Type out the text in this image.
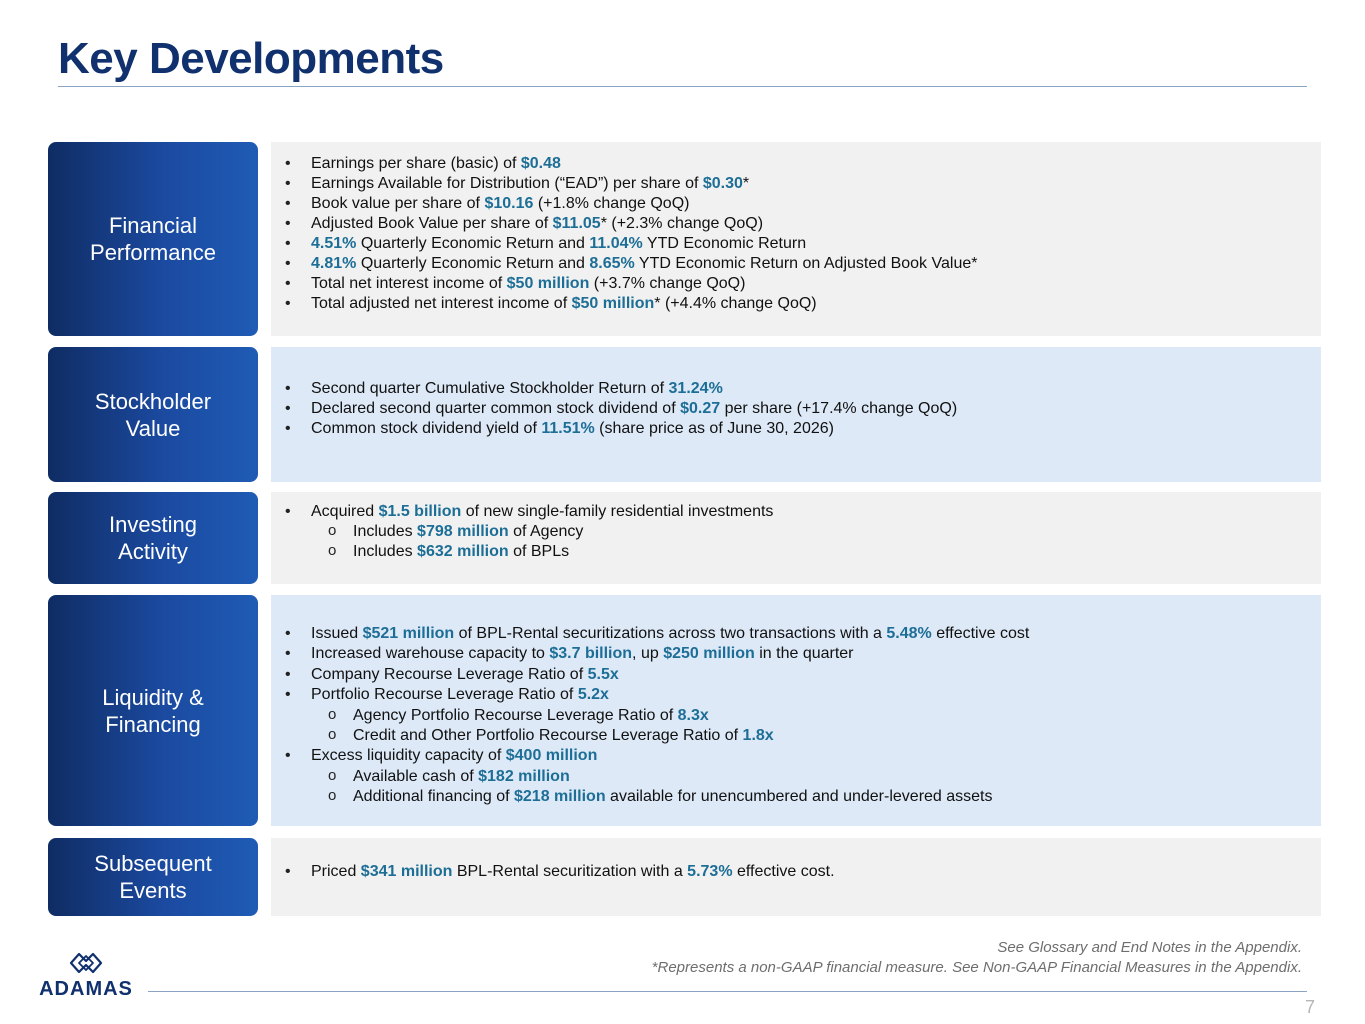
Key Developments
Financial
Performance
• Earnings per share (basic) of $0.48
• Earnings Available for Distribution (“EAD”) per share of $0.30*
• Book value per share of $10.16 (+1.8% change QoQ)
• Adjusted Book Value per share of $11.05* (+2.3% change QoQ)
• 4.51% Quarterly Economic Return and 11.04% YTD Economic Return
• 4.81% Quarterly Economic Return and 8.65% YTD Economic Return on Adjusted Book Value*
• Total net interest income of $50 million (+3.7% change QoQ)
• Total adjusted net interest income of $50 million* (+4.4% change QoQ)
Stockholder
Value
• Second quarter Cumulative Stockholder Return of 31.24%
• Declared second quarter common stock dividend of $0.27 per share (+17.4% change QoQ)
• Common stock dividend yield of 11.51% (share price as of June 30, 2026)
Investing
Activity
• Acquired $1.5 billion of new single-family residential investments
o Includes $798 million of Agency
o Includes $632 million of BPLs
Liquidity &
Financing
• Issued $521 million of BPL-Rental securitizations across two transactions with a 5.48% effective cost
• Increased warehouse capacity to $3.7 billion, up $250 million in the quarter
• Company Recourse Leverage Ratio of 5.5x
• Portfolio Recourse Leverage Ratio of 5.2x
o Agency Portfolio Recourse Leverage Ratio of 8.3x
o Credit and Other Portfolio Recourse Leverage Ratio of 1.8x
• Excess liquidity capacity of $400 million
o Available cash of $182 million
o Additional financing of $218 million available for unencumbered and under-levered assets
Subsequent
Events
• Priced $341 million BPL-Rental securitization with a 5.73% effective cost.
See Glossary and End Notes in the Appendix.
*Represents a non-GAAP financial measure. See Non-GAAP Financial Measures in the Appendix.
ADAMAS
7
